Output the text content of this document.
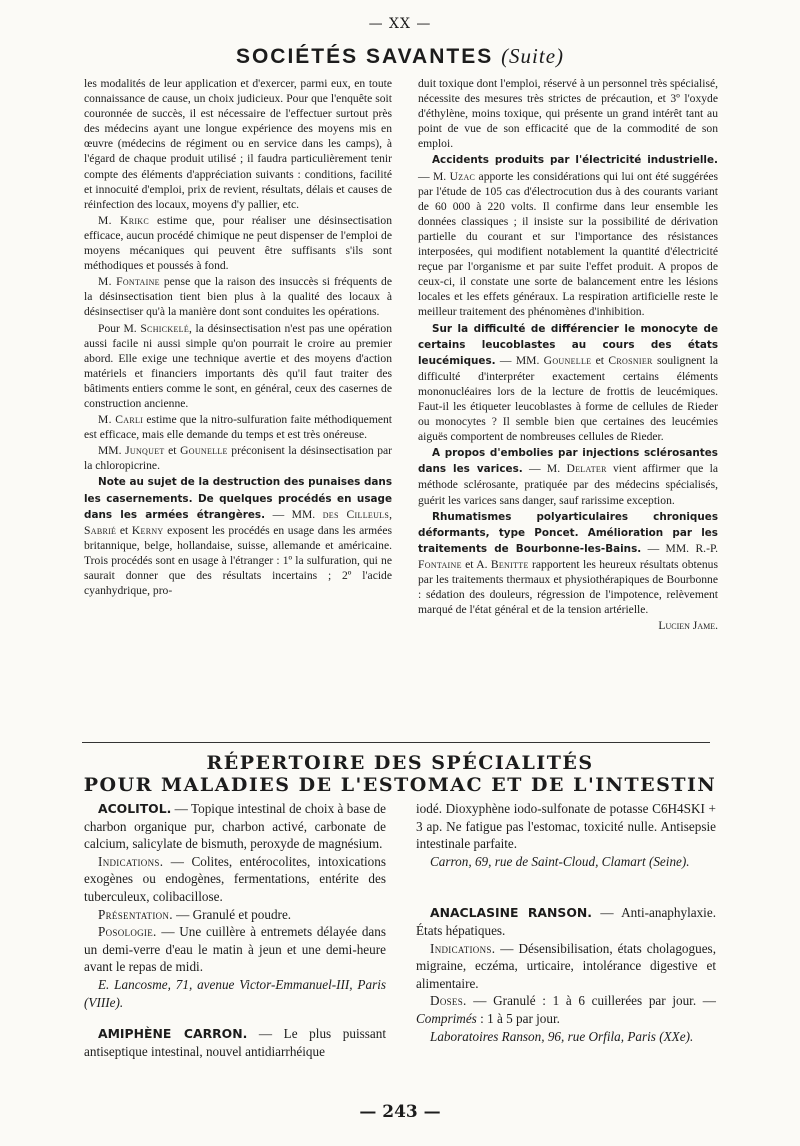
— XX —
SOCIÉTÉS SAVANTES (Suite)

les modalités de leur application et d'exercer, parmi eux, en toute connaissance de cause, un choix judicieux. Pour que l'enquête soit couronnée de succès, il est nécessaire de l'effectuer surtout près des médecins ayant une longue expérience des moyens mis en œuvre (médecins de régiment ou en service dans les camps), à l'égard de chaque produit utilisé ; il faudra particulièrement tenir compte des éléments d'appréciation suivants : conditions, facilité et innocuité d'emploi, prix de revient, résultats, délais et causes de réinfection des locaux, moyens d'y pallier, etc.

M. Krikc estime que, pour réaliser une désinsectisation efficace, aucun procédé chimique ne peut dispenser de l'emploi de moyens mécaniques qui peuvent être suffisants s'ils sont méthodiques et poussés à fond.

M. Fontaine pense que la raison des insuccès si fréquents de la désinsectisation tient bien plus à la qualité des locaux à désinsectiser qu'à la manière dont sont conduites les opérations.

Pour M. Schickelé, la désinsectisation n'est pas une opération aussi facile ni aussi simple qu'on pourrait le croire au premier abord. Elle exige une technique avertie et des moyens d'action matériels et financiers importants dès qu'il faut traiter des bâtiments entiers comme le sont, en général, ceux des casernes de construction ancienne.

M. Carli estime que la nitro-sulfuration faite méthodiquement est efficace, mais elle demande du temps et est très onéreuse.

MM. Junquet et Gounelle préconisent la désinsectisation par la chloropicrine.

Note au sujet de la destruction des punaises dans les casernements. De quelques procédés en usage dans les armées étrangères. — MM. des Cilleuls, Sabrié et Kerny exposent les procédés en usage dans les armées britannique, belge, hollandaise, suisse, allemande et américaine. Trois procédés sont en usage à l'étranger : 1º la sulfuration, qui ne saurait donner que des résultats incertains ; 2º l'acide cyanhydrique, pro-

duit toxique dont l'emploi, réservé à un personnel très spécialisé, nécessite des mesures très strictes de précaution, et 3º l'oxyde d'éthylène, moins toxique, qui présente un grand intérêt tant au point de vue de son efficacité que de la commodité de son emploi.

Accidents produits par l'électricité industrielle. — M. Uzac apporte les considérations qui lui ont été suggérées par l'étude de 105 cas d'électrocution dus à des courants variant de 60 000 à 220 volts. Il confirme dans leur ensemble les données classiques ; il insiste sur la possibilité de dérivation partielle du courant et sur l'importance des résistances interposées, qui modifient notablement la quantité d'électricité reçue par l'organisme et par suite l'effet produit. A propos de ceux-ci, il constate une sorte de balancement entre les lésions locales et les effets généraux. La respiration artificielle reste le meilleur traitement des phénomènes d'inhibition.

Sur la difficulté de différencier le monocyte de certains leucoblastes au cours des états leucémiques. — MM. Gounelle et Crosnier soulignent la difficulté d'interpréter exactement certains éléments mononucléaires lors de la lecture de frottis de leucémiques. Faut-il les étiqueter leucoblastes à forme de cellules de Rieder ou monocytes ? Il semble bien que certaines des leucémies aiguës comportent de nombreuses cellules de Rieder.

A propos d'embolies par injections sclérosantes dans les varices. — M. Delater vient affirmer que la méthode sclérosante, pratiquée par des médecins spécialisés, guérit les varices sans danger, sauf rarissime exception.

Rhumatismes polyarticulaires chroniques déformants, type Poncet. Amélioration par les traitements de Bourbonne-les-Bains. — MM. R.-P. Fontaine et A. Benitte rapportent les heureux résultats obtenus par les traitements thermaux et physiothérapiques de Bourbonne : sédation des douleurs, régression de l'impotence, relèvement marqué de l'état général et de la tension artérielle.

Lucien Jame.
RÉPERTOIRE DES SPÉCIALITÉS
POUR MALADIES DE L'ESTOMAC ET DE L'INTESTIN

ACOLITOL. — Topique intestinal de choix à base de charbon organique pur, charbon activé, carbonate de calcium, salicylate de bismuth, peroxyde de magnésium.

Indications. — Colites, entérocolites, intoxications exogènes ou endogènes, fermentations, entérite des tuberculeux, colibacillose.

Présentation. — Granulé et poudre.

Posologie. — Une cuillère à entremets délayée dans un demi-verre d'eau le matin à jeun et une demi-heure avant le repas de midi.

E. Lancosme, 71, avenue Victor-Emmanuel-III, Paris (VIIIe).

AMIPHÈNE CARRON. — Le plus puissant antiseptique intestinal, nouvel antidiarrhéique

iodé. Dioxyphène iodo-sulfonate de potasse C6H4SKI + 3 ap. Ne fatigue pas l'estomac, toxicité nulle. Antisepsie intestinale parfaite.

Carron, 69, rue de Saint-Cloud, Clamart (Seine).

ANACLASINE RANSON. — Anti-anaphylaxie. États hépatiques.

Indications. — Désensibilisation, états cholagogues, migraine, eczéma, urticaire, intolérance digestive et alimentaire.

Doses. — Granulé : 1 à 6 cuillerées par jour. — Comprimés : 1 à 5 par jour.

Laboratoires Ranson, 96, rue Orfila, Paris (XXe).

— 243 —
